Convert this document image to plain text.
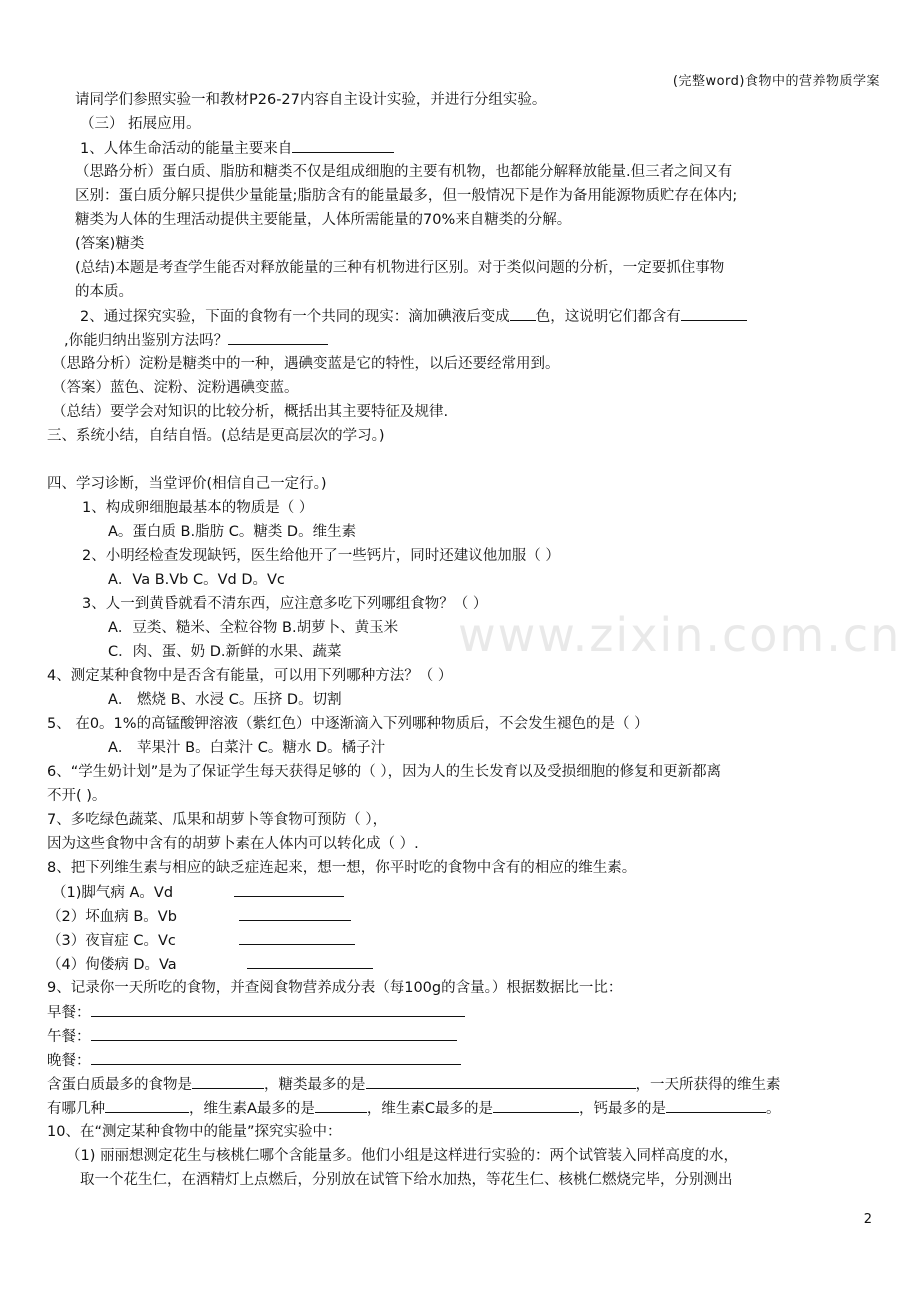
(完整word)食物中的营养物质学案
www.zixin.com.cn
请同学们参照实验一和教材P26-27内容自主设计实验，并进行分组实验。
（三） 拓展应用。
1、人体生命活动的能量主要来自
（思路分析）蛋白质、脂肪和糖类不仅是组成细胞的主要有机物，也都能分解释放能量.但三者之间又有
区别：蛋白质分解只提供少量能量;脂肪含有的能量最多，但一般情况下是作为备用能源物质贮存在体内;
糖类为人体的生理活动提供主要能量，人体所需能量的70%来自糖类的分解。
(答案)糖类
(总结)本题是考查学生能否对释放能量的三种有机物进行区别。对于类似问题的分析，一定要抓住事物
的本质。
2、通过探究实验，下面的食物有一个共同的现实：滴加碘液后变成 色，这说明它们都含有
,你能归纳出鉴别方法吗？
（思路分析）淀粉是糖类中的一种，遇碘变蓝是它的特性，以后还要经常用到。
（答案）蓝色、淀粉、淀粉遇碘变蓝。
（总结）要学会对知识的比较分析，概括出其主要特征及规律.
三、系统小结，自结自悟。(总结是更高层次的学习。)
四、学习诊断，当堂评价(相信自己一定行。)
1、构成卵细胞最基本的物质是（ ）
A。蛋白质 B.脂肪 C。糖类 D。维生素
2、小明经检查发现缺钙，医生给他开了一些钙片，同时还建议他加服（ ）
A．Va B.Vb C。Vd D。Vc
3、人一到黄昏就看不清东西，应注意多吃下列哪组食物？（ ）
A．豆类、糙米、全粒谷物 B.胡萝卜、黄玉米
C．肉、蛋、奶 D.新鲜的水果、蔬菜
4、测定某种食物中是否含有能量，可以用下列哪种方法？（ ）
A． 燃烧 B、水浸 C。压挤 D。切割
5、 在0。1%的高锰酸钾溶液（紫红色）中逐渐滴入下列哪种物质后，不会发生褪色的是（ ）
A． 苹果汁 B。白菜汁 C。糖水 D。橘子汁
6、“学生奶计划”是为了保证学生每天获得足够的（ ），因为人的生长发育以及受损细胞的修复和更新都离
不开( )。
7、多吃绿色蔬菜、瓜果和胡萝卜等食物可预防（ ），
因为这些食物中含有的胡萝卜素在人体内可以转化成（ ）.
8、把下列维生素与相应的缺乏症连起来，想一想，你平时吃的食物中含有的相应的维生素。
（1)脚气病 A。Vd
（2）坏血病 B。Vb
（3）夜盲症 C。Vc
（4）佝偻病 D。Va
9、记录你一天所吃的食物，并查阅食物营养成分表（每100g的含量。）根据数据比一比：
早餐：
午餐：
晚餐：
含蛋白质最多的食物是	，糖类最多的是	，一天所获得的维生素
有哪几种	，维生素A最多的是	，维生素C最多的是	，钙最多的是	。
10、在“测定某种食物中的能量”探究实验中：
（1) 丽丽想测定花生与核桃仁哪个含能量多。他们小组是这样进行实验的：两个试管装入同样高度的水，
取一个花生仁，在酒精灯上点燃后，分别放在试管下给水加热，等花生仁、核桃仁燃烧完毕，分别测出
2
